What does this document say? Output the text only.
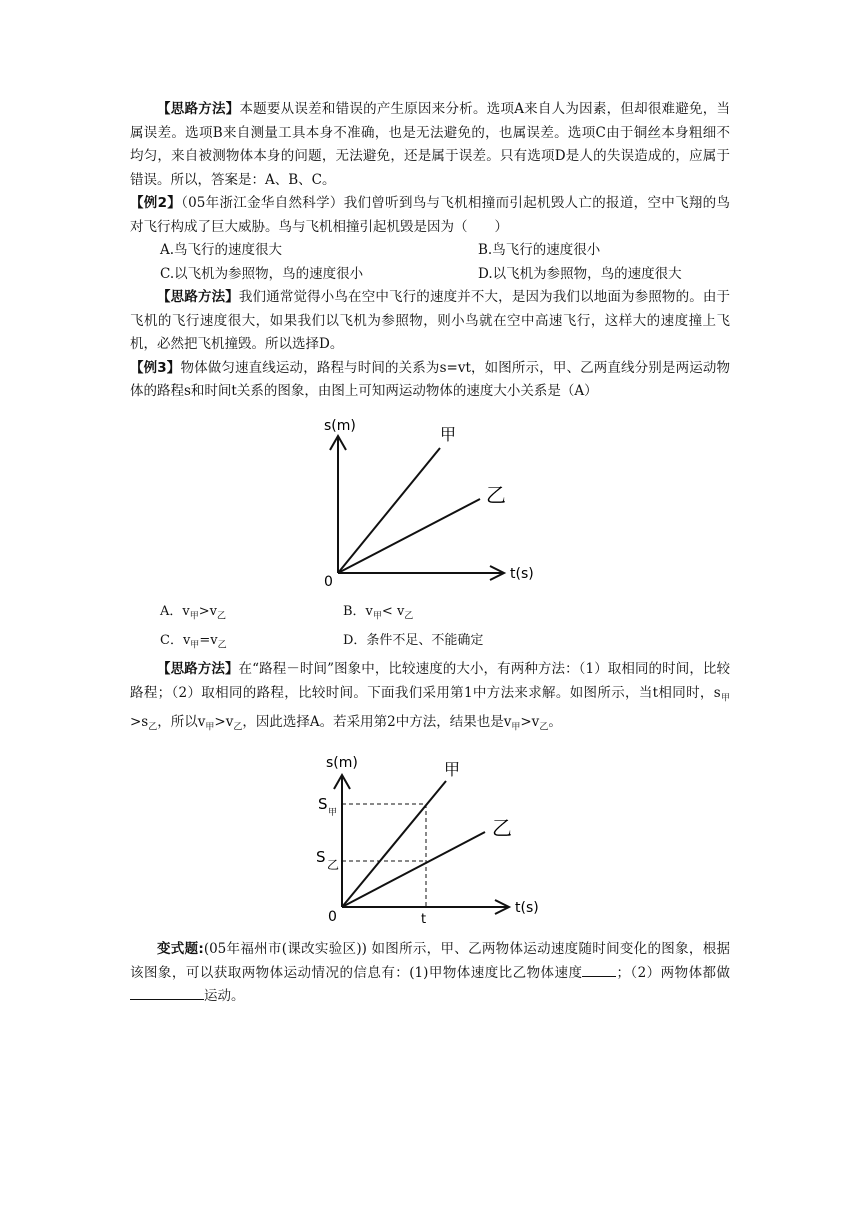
【思路方法】本题要从误差和错误的产生原因来分析。选项A来自人为因素，但却很难避免，当属误差。选项B来自测量工具本身不准确，也是无法避免的，也属误差。选项C由于铜丝本身粗细不均匀，来自被测物体本身的问题，无法避免，还是属于误差。只有选项D是人的失误造成的，应属于错误。所以，答案是：A、B、C。

【例2】（05年浙江金华自然科学）我们曾听到鸟与飞机相撞而引起机毁人亡的报道，空中飞翔的鸟对飞行构成了巨大威胁。鸟与飞机相撞引起机毁是因为（　　）

A.鸟飞行的速度很大	B.鸟飞行的速度很小
C.以飞机为参照物，鸟的速度很小	D.以飞机为参照物，鸟的速度很大

【思路方法】我们通常觉得小鸟在空中飞行的速度并不大，是因为我们以地面为参照物的。由于飞机的飞行速度很大，如果我们以飞机为参照物，则小鸟就在空中高速飞行，这样大的速度撞上飞机，必然把飞机撞毁。所以选择D。

【例3】物体做匀速直线运动，路程与时间的关系为s=vt，如图所示，甲、乙两直线分别是两运动物体的路程s和时间t关系的图象，由图上可知两运动物体的速度大小关系是（A）

s(m)
t(s)
0
甲
乙
A．$v_甲>v_乙$	B．$v_甲< v_乙$
C．$v_甲=v_乙$	D．条件不足、不能确定

【思路方法】在“路程－时间”图象中，比较速度的大小，有两种方法：（1）取相同的时间，比较路程；（2）取相同的路程，比较时间。下面我们采用第1中方法来求解。如图所示，当t相同时，$s_甲>s_乙$，所以$v_甲>v_乙$，因此选择A。若采用第2中方法，结果也是$v_甲>v_乙$。

s(m)
t(s)
0
甲
乙
S 甲
S 乙
t

变式题:(05年福州市(课改实验区)) 如图所示，甲、乙两物体运动速度随时间变化的图象，根据该图象，可以获取两物体运动情况的信息有：(1)甲物体速度比乙物体速度	；（2）两物体都做运动。
